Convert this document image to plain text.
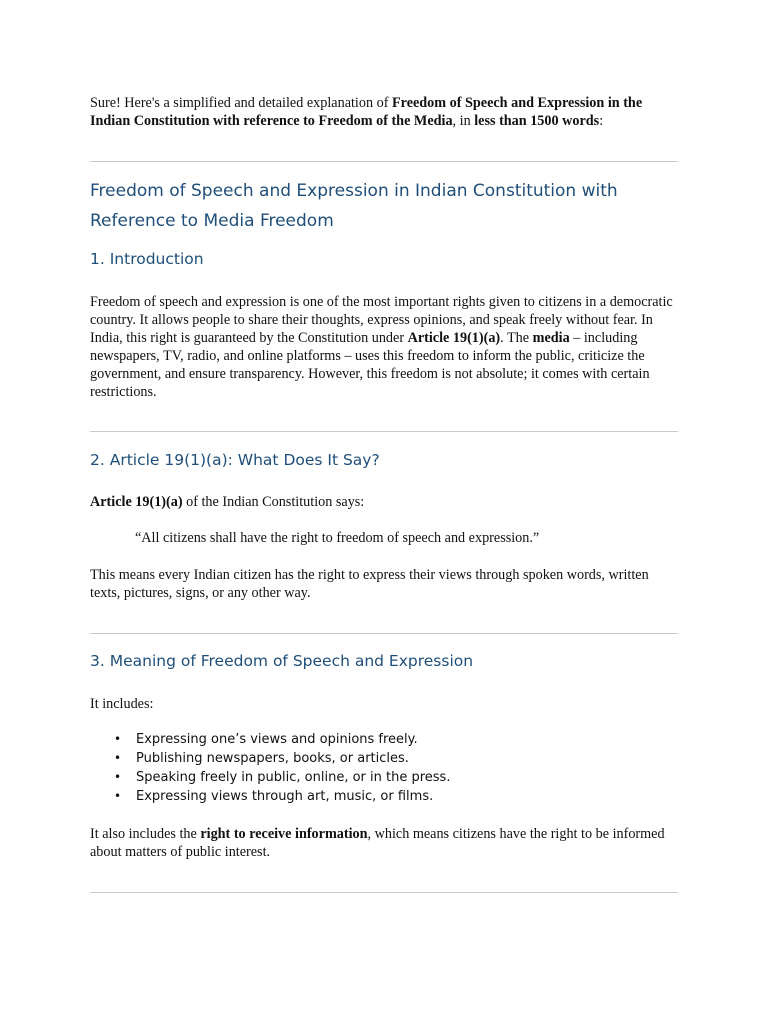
Sure! Here's a simplified and detailed explanation of Freedom of Speech and Expression in the Indian Constitution with reference to Freedom of the Media, in less than 1500 words:

Freedom of Speech and Expression in Indian Constitution with Reference to Media Freedom
1. Introduction

Freedom of speech and expression is one of the most important rights given to citizens in a democratic country. It allows people to share their thoughts, express opinions, and speak freely without fear. In India, this right is guaranteed by the Constitution under Article 19(1)(a). The media – including newspapers, TV, radio, and online platforms – uses this freedom to inform the public, criticize the government, and ensure transparency. However, this freedom is not absolute; it comes with certain restrictions.

2. Article 19(1)(a): What Does It Say?

Article 19(1)(a) of the Indian Constitution says:

“All citizens shall have the right to freedom of speech and expression.”

This means every Indian citizen has the right to express their views through spoken words, written texts, pictures, signs, or any other way.

3. Meaning of Freedom of Speech and Expression

It includes:

• Expressing one’s views and opinions freely.
• Publishing newspapers, books, or articles.
• Speaking freely in public, online, or in the press.
• Expressing views through art, music, or films.

It also includes the right to receive information, which means citizens have the right to be informed about matters of public interest.
